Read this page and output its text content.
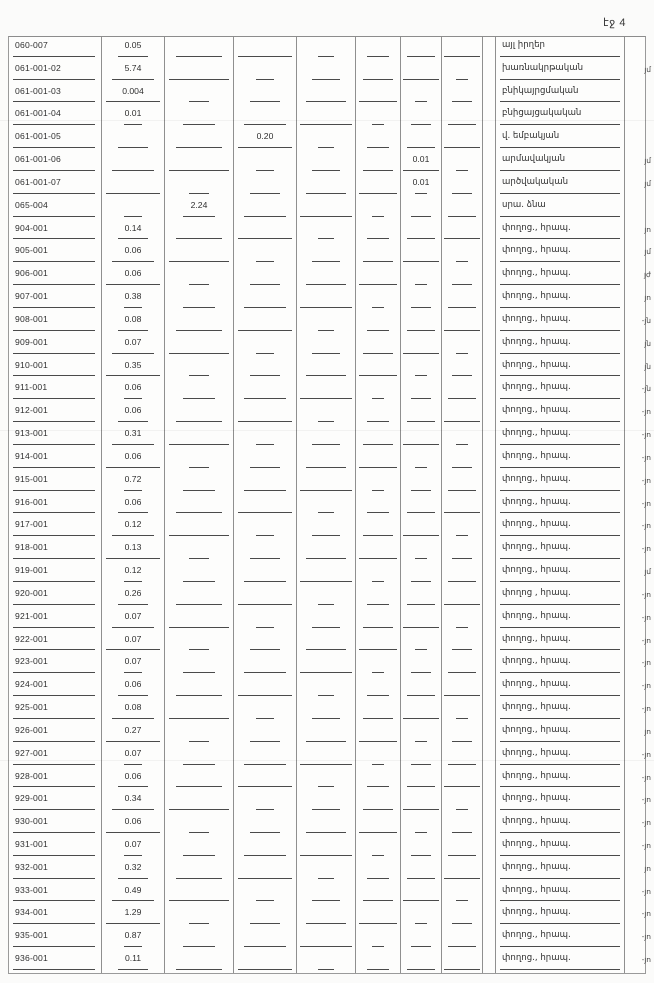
էջ 4
060-007	0.05								այլ իրղեր	

061-001-02	5.74								խառնակրթական	յմ

061-001-03	0.004								բնիկայրցմական	

061-001-04	0.01								բնիցայցակական	

061-001-05			0.20						վ. եմբակյան	

061-001-06						0.01			արմավակյան	յմ

061-001-07						0.01			արծվակական	յմ

065-004		2.24							սրա. ձնա	

904-001	0.14								փողոց., հրապ.	յո

905-001	0.06								փողոց., հրապ.	յմ

906-001	0.06								փողոց., հրապ.	յժ

907-001	0.38								փողոց., հրապ.	յո

908-001	0.08								փողոց., հրապ.	-յն

909-001	0.07								փողոց., հրապ.	յն

910-001	0.35								փողոց., հրապ.	յն

911-001	0.06								փողոց., հրապ.	-յն

912-001	0.06								փողոց., հրապ.	-յո

913-001	0.31								փողոց., հրապ.	-յո

914-001	0.06								փողոց., հրապ.	-յո

915-001	0.72								փողոց., հրապ.	-յո

916-001	0.06								փողոց., հրապ.	-յո

917-001	0.12								փողոց., հրապ.	-յո

918-001	0.13								փողոց., հրապ.	-յո

919-001	0.12								փողոց., հրապ.	յմ

920-001	0.26								փողոց , հրապ.	-յո

921-001	0.07								փողոց., հրապ.	-յո

922-001	0.07								փողոց., հրապ.	-յո

923-001	0.07								փողոց., հրապ.	-յո

924-001	0.06								փողոց., հրապ.	-յո

925-001	0.08								փողոց., հրապ.	-յո

926-001	0.27								փողոց., հրապ.	յո

927-001	0.07								փողոց., հրապ.	-յո

928-001	0.06								փողոց., հրապ.	-յո

929-001	0.34								փողոց., հրապ.	-յո

930-001	0.06								փողոց., հրապ.	-յո

931-001	0.07								փողոց., հրապ.	-յո

932-001	0.32								փողոց., հրապ.	յո

933-001	0.49								փողոց., հրապ.	-յո

934-001	1.29								փողոց., հրապ.	-յո

935-001	0.87								փողոց., հրապ.	-յո

936-001	0.11								փողոց., հրապ.	-յո
